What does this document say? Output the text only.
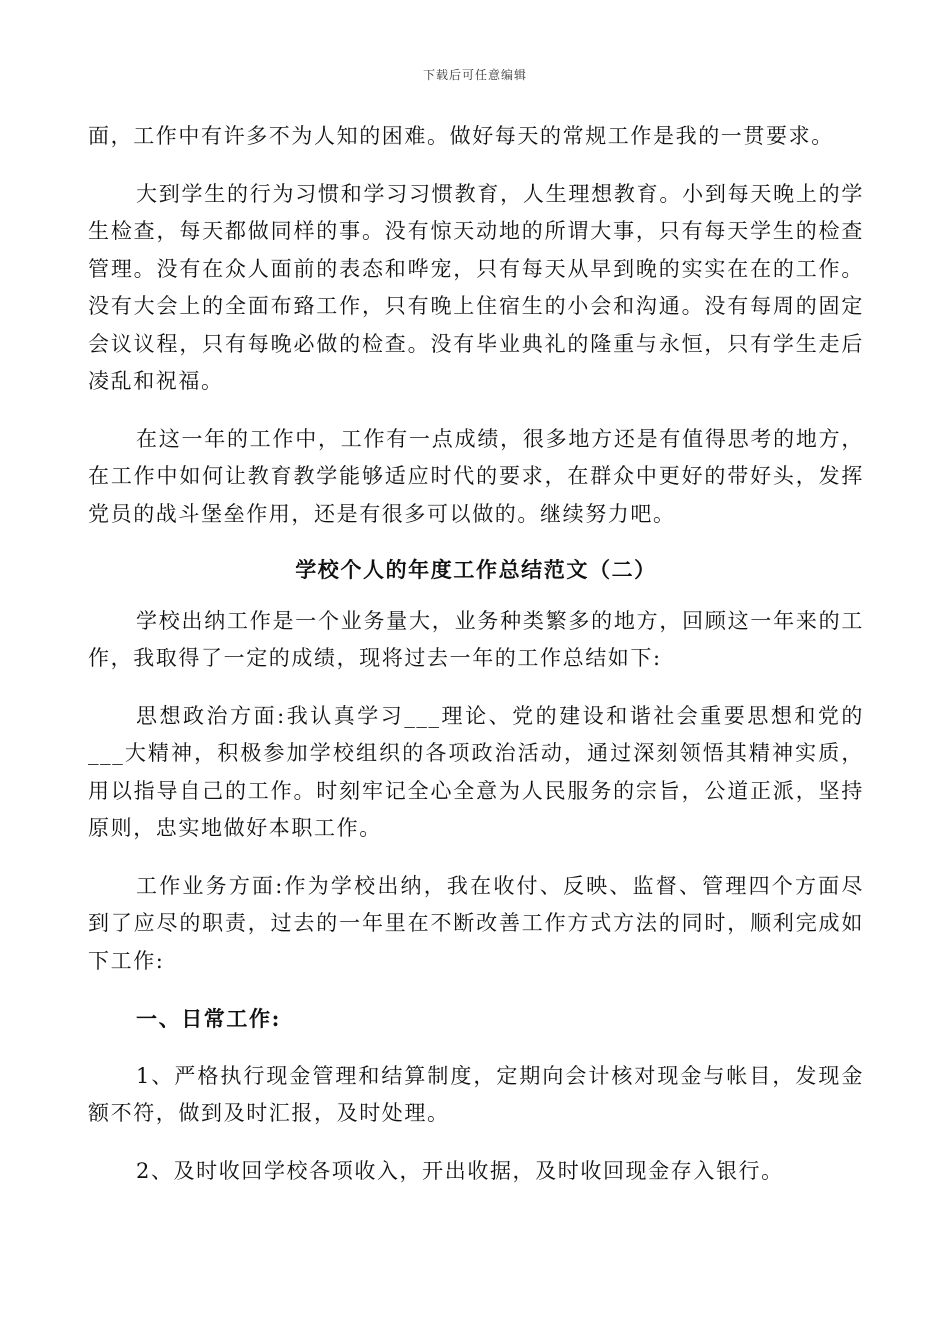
下载后可任意编辑

面，工作中有许多不为人知的困难。做好每天的常规工作是我的一贯要求。

大到学生的行为习惯和学习习惯教育，人生理想教育。小到每天晚上的学生检查，每天都做同样的事。没有惊天动地的所谓大事，只有每天学生的检查管理。没有在众人面前的表态和哗宠，只有每天从早到晚的实实在在的工作。没有大会上的全面布臵工作，只有晚上住宿生的小会和沟通。没有每周的固定会议议程，只有每晚必做的检查。没有毕业典礼的隆重与永恒，只有学生走后凌乱和祝福。

在这一年的工作中，工作有一点成绩，很多地方还是有值得思考的地方，在工作中如何让教育教学能够适应时代的要求，在群众中更好的带好头，发挥党员的战斗堡垒作用，还是有很多可以做的。继续努力吧。

学校个人的年度工作总结范文（二）

学校出纳工作是一个业务量大，业务种类繁多的地方，回顾这一年来的工作，我取得了一定的成绩，现将过去一年的工作总结如下:

思想政治方面:我认真学习___理论、党的建设和谐社会重要思想和党的___大精神，积极参加学校组织的各项政治活动，通过深刻领悟其精神实质，用以指导自己的工作。时刻牢记全心全意为人民服务的宗旨，公道正派，坚持原则，忠实地做好本职工作。

工作业务方面:作为学校出纳，我在收付、反映、监督、管理四个方面尽到了应尽的职责，过去的一年里在不断改善工作方式方法的同时，顺利完成如下工作:

一、日常工作:

1、严格执行现金管理和结算制度，定期向会计核对现金与帐目，发现金额不符，做到及时汇报，及时处理。

2、及时收回学校各项收入，开出收据，及时收回现金存入银行。
